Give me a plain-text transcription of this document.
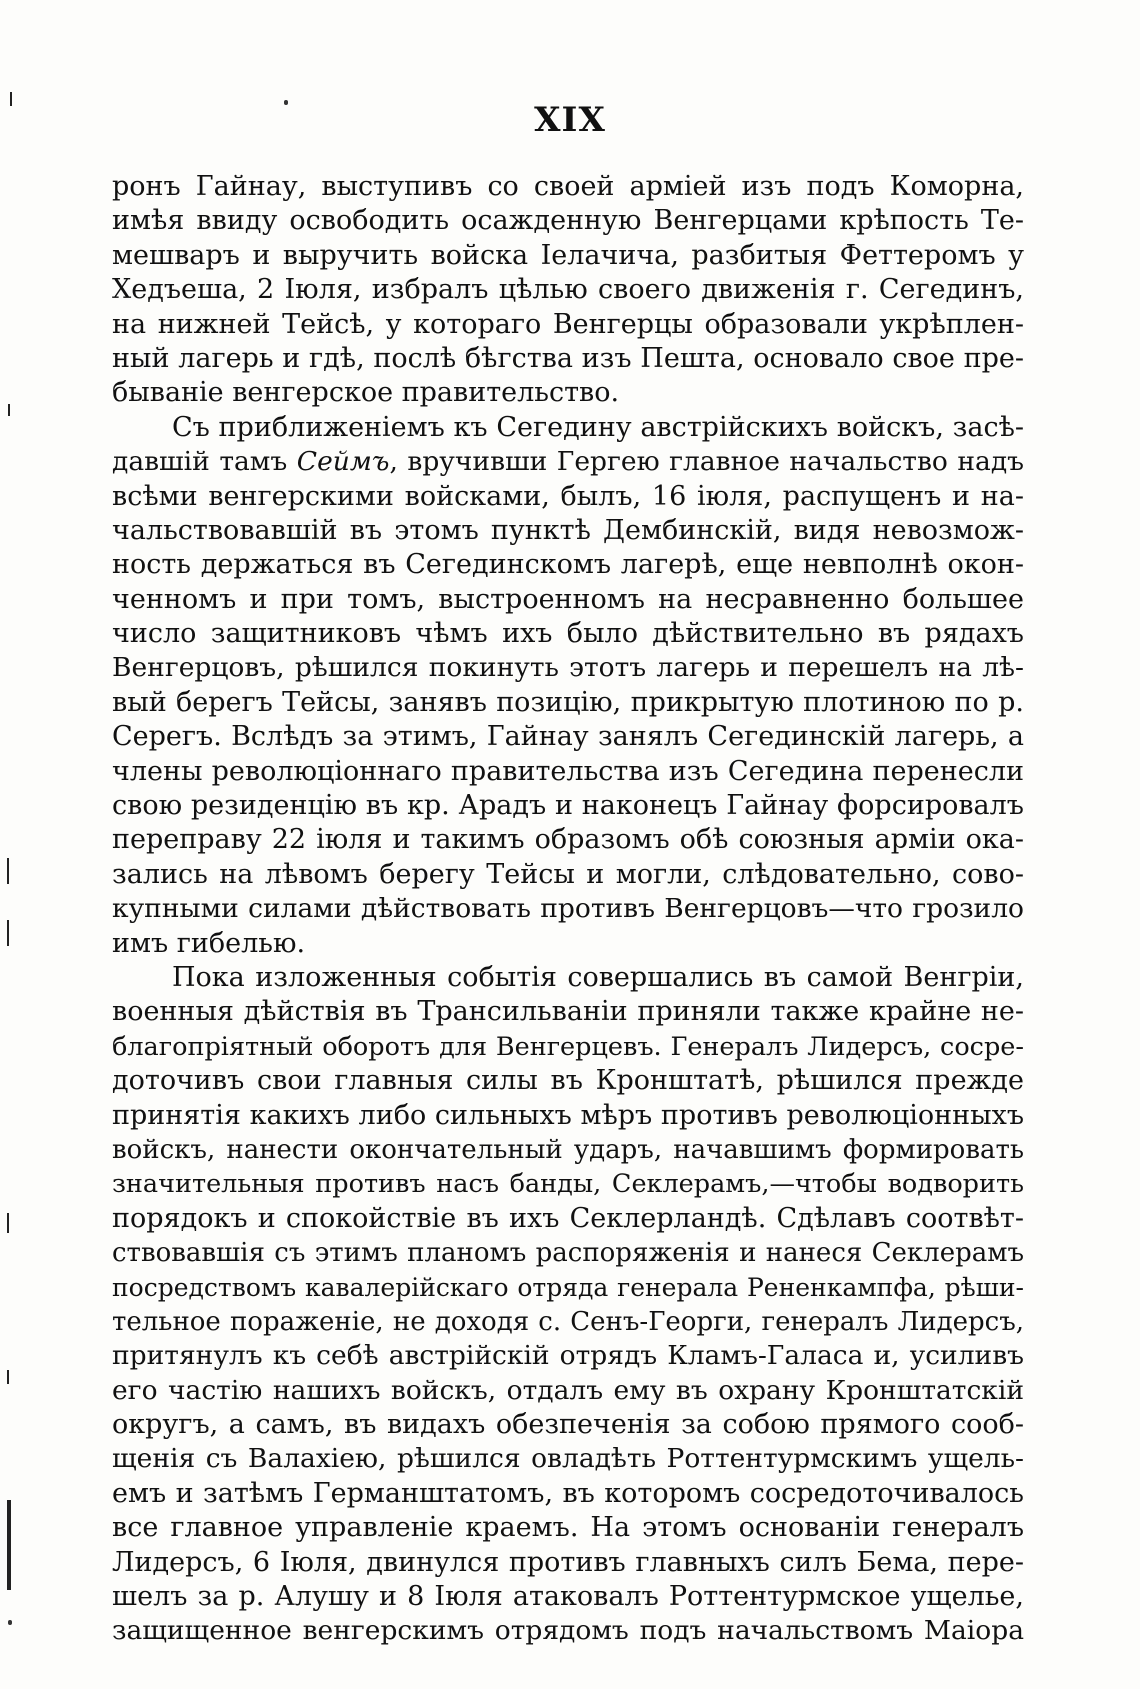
XIX
ронъ Гайнау, выступивъ со своей арміей изъ подъ Коморна,
имѣя ввиду освободить осажденную Венгерцами крѣпость Те-
мешваръ и выручить войска Іелачича, разбитыя Феттеромъ у
Хедъеша, 2 Іюля, избралъ цѣлью своего движенія г. Сегединъ,
на нижней Тейсѣ, у котораго Венгерцы образовали укрѣплен-
ный лагерь и гдѣ, послѣ бѣгства изъ Пешта, основало свое пре-
бываніе венгерское правительство.
Съ приближеніемъ къ Сегедину австрійскихъ войскъ, засѣ-
давшій тамъ Сеймъ, вручивши Гергею главное начальство надъ
всѣми венгерскими войсками, былъ, 16 іюля, распущенъ и на-
чальствовавшій въ этомъ пунктѣ Дембинскій, видя невозмож-
ность держаться въ Сегединскомъ лагерѣ, еще невполнѣ окон-
ченномъ и при томъ, выстроенномъ на несравненно большее
число защитниковъ чѣмъ ихъ было дѣйствительно въ рядахъ
Венгерцовъ, рѣшился покинуть этотъ лагерь и перешелъ на лѣ-
вый берегъ Тейсы, занявъ позицію, прикрытую плотиною по р.
Серегъ. Вслѣдъ за этимъ, Гайнау занялъ Сегединскій лагерь, а
члены революціоннаго правительства изъ Сегедина перенесли
свою резиденцію въ кр. Арадъ и наконецъ Гайнау форсировалъ
переправу 22 іюля и такимъ образомъ обѣ союзныя арміи ока-
зались на лѣвомъ берегу Тейсы и могли, слѣдовательно, сово-
купными силами дѣйствовать противъ Венгерцовъ—что грозило
имъ гибелью.
Пока изложенныя событія совершались въ самой Венгріи,
военныя дѣйствія въ Трансильваніи приняли также крайне не-
благопріятный оборотъ для Венгерцевъ. Генералъ Лидерсъ, сосре-
доточивъ свои главныя силы въ Кронштатѣ, рѣшился прежде
принятія какихъ либо сильныхъ мѣръ противъ революціонныхъ
войскъ, нанести окончательный ударъ, начавшимъ формировать
значительныя противъ насъ банды, Секлерамъ,—чтобы водворить
порядокъ и спокойствіе въ ихъ Секлерландѣ. Сдѣлавъ соотвѣт-
ствовавшія съ этимъ планомъ распоряженія и нанеся Секлерамъ
посредствомъ кавалерійскаго отряда генерала Рененкампфа, рѣши-
тельное пораженіе, не доходя с. Сенъ-Георги, генералъ Лидерсъ,
притянулъ къ себѣ австрійскій отрядъ Кламъ-Галаса и, усиливъ
его частію нашихъ войскъ, отдалъ ему въ охрану Кронштатскій
округъ, а самъ, въ видахъ обезпеченія за собою прямого сооб-
щенія съ Валахіею, рѣшился овладѣть Роттентурмскимъ ущель-
емъ и затѣмъ Германштатомъ, въ которомъ сосредоточивалось
все главное управленіе краемъ. На этомъ основаніи генералъ
Лидерсъ, 6 Іюля, двинулся противъ главныхъ силъ Бема, пере-
шелъ за р. Алушу и 8 Іюля атаковалъ Роттентурмское ущелье,
защищенное венгерскимъ отрядомъ подъ начальствомъ Маіора
